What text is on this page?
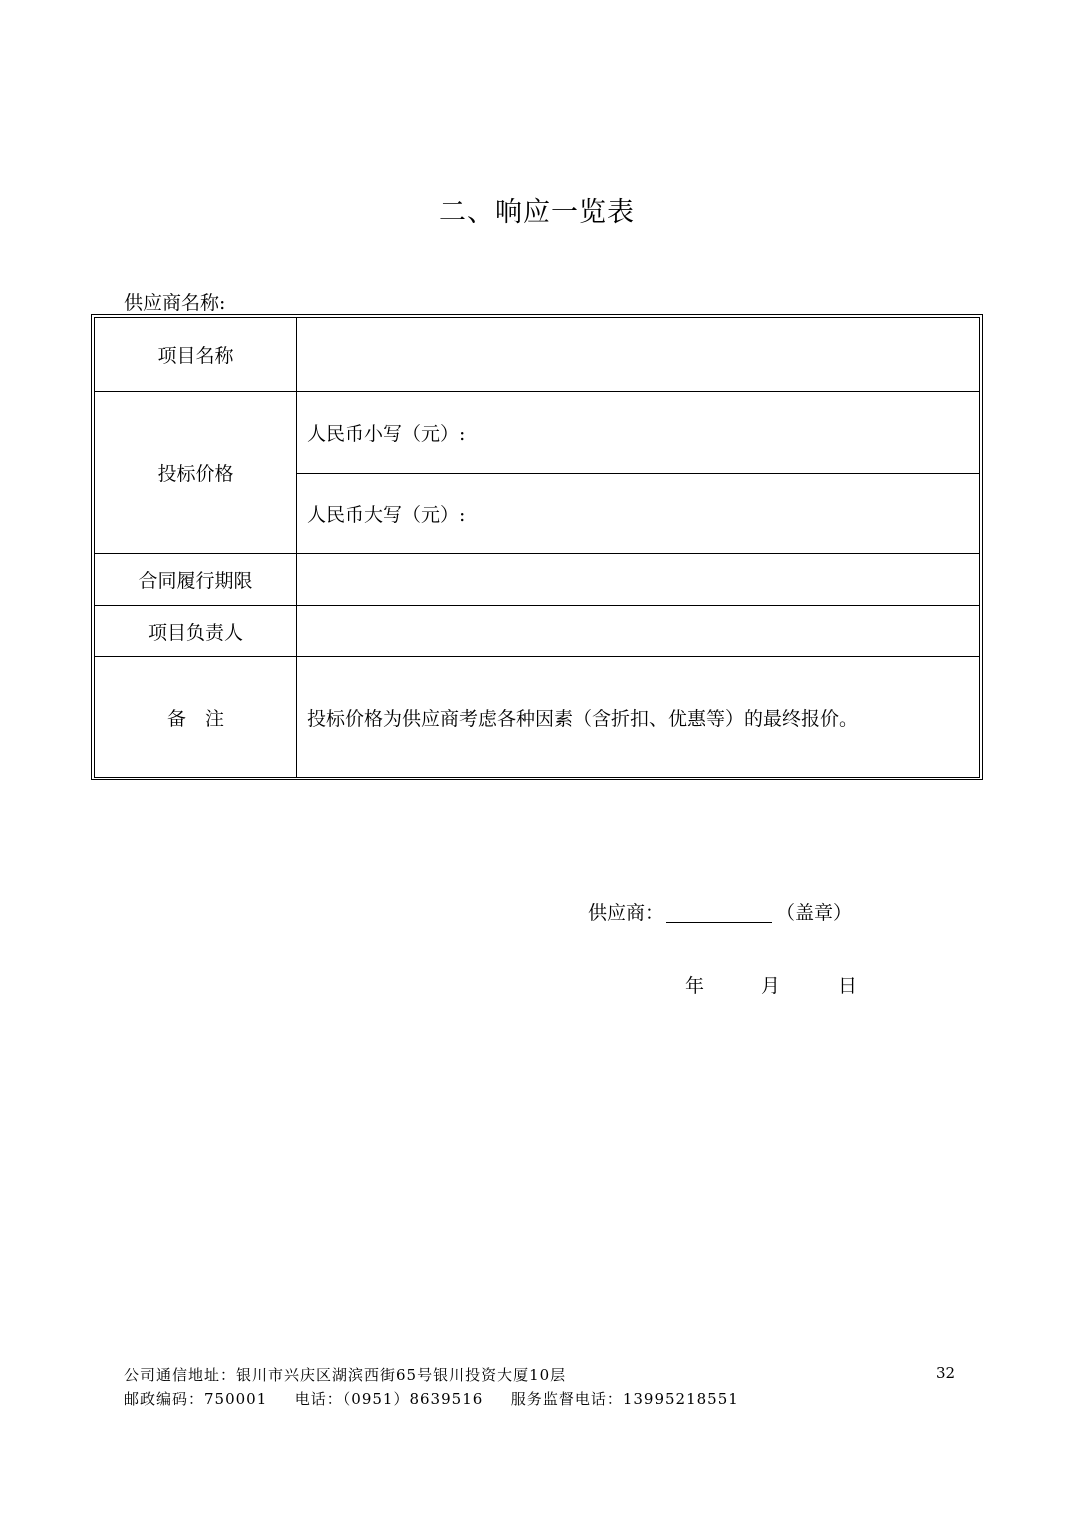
二、响应一览表
供应商名称:
项目名称	
投标价格	人民币小写（元）:
	人民币大写（元）:
合同履行期限	
项目负责人	
备　注	投标价格为供应商考虑各种因素（含折扣、优惠等）的最终报价。
供应商：	（盖章）
年	月	日
公司通信地址：银川市兴庆区湖滨西街65号银川投资大厦10层
邮政编码：750001　  电话：（0951）8639516　  服务监督电话：13995218551
32
